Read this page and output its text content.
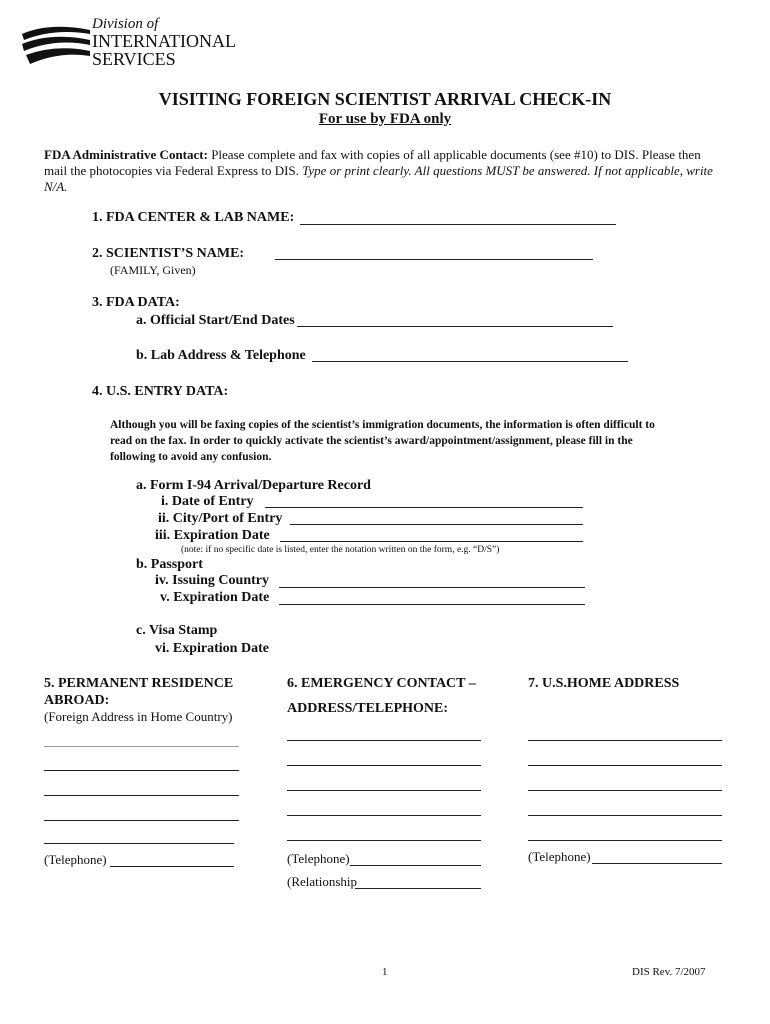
Division of
INTERNATIONAL
SERVICES
VISITING FOREIGN SCIENTIST ARRIVAL CHECK-IN
For use by FDA only
FDA Administrative Contact: Please complete and fax with copies of all applicable documents (see #10) to DIS. Please then
mail the photocopies via Federal Express to DIS. Type or print clearly. All questions MUST be answered. If not applicable, write
N/A.
1. FDA CENTER & LAB NAME:
2. SCIENTIST’S NAME:
(FAMILY, Given)
3. FDA DATA:
a. Official Start/End Dates
b. Lab Address & Telephone
4. U.S. ENTRY DATA:
Although you will be faxing copies of the scientist’s immigration documents, the information is often difficult to
read on the fax. In order to quickly activate the scientist’s award/appointment/assignment, please fill in the
following to avoid any confusion.
a. Form I-94 Arrival/Departure Record
i. Date of Entry
ii. City/Port of Entry
iii. Expiration Date
(note: if no specific date is listed, enter the notation written on the form, e.g. “D/S”)
b. Passport
iv. Issuing Country
v. Expiration Date
c. Visa Stamp
vi. Expiration Date
5. PERMANENT RESIDENCE
ABROAD:
(Foreign Address in Home Country)
(Telephone)
6. EMERGENCY CONTACT –
ADDRESS/TELEPHONE:
(Telephone)
(Relationship
7. U.S.HOME ADDRESS
(Telephone)
1	DIS Rev. 7/2007
